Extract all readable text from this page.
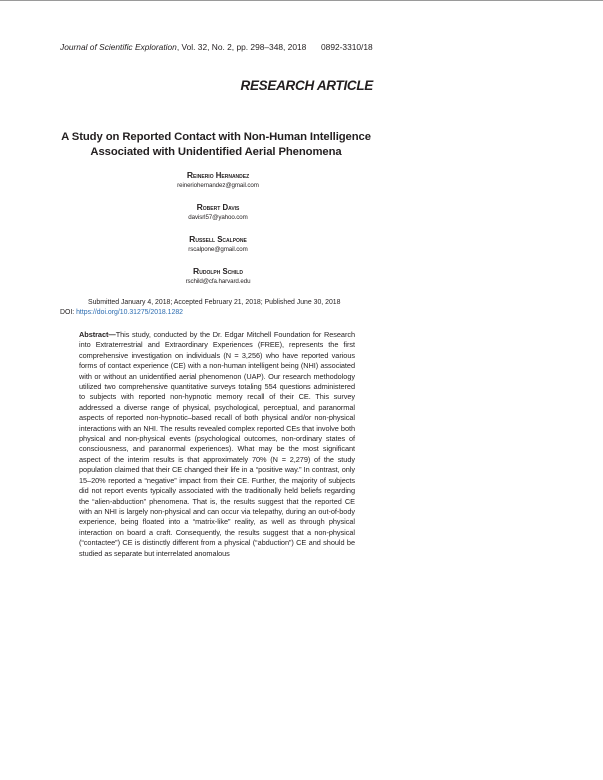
Journal of Scientific Exploration, Vol. 32, No. 2, pp. 298–348, 2018 0892-3310/18
RESEARCH ARTICLE
A Study on Reported Contact with Non-Human Intelligence Associated with Unidentified Aerial Phenomena
Reinerio Hernandez
reineriohernandez@gmail.com
Robert Davis
davisrl57@yahoo.com
Russell Scalpone
rscalpone@gmail.com
Rudolph Schild
rschild@cfa.harvard.edu
Submitted January 4, 2018; Accepted February 21, 2018; Published June 30, 2018
DOI: https://doi.org/10.31275/2018.1282
Abstract—This study, conducted by the Dr. Edgar Mitchell Foundation for Research into Extraterrestrial and Extraordinary Experiences (FREE), represents the first comprehensive investigation on individuals (N = 3,256) who have reported various forms of contact experience (CE) with a non-human intelligent being (NHI) associated with or without an unidentified aerial phenomenon (UAP). Our research methodology utilized two comprehensive quantitative surveys totaling 554 questions administered to subjects with reported non-hypnotic memory recall of their CE. This survey addressed a diverse range of physical, psychological, perceptual, and paranormal aspects of reported non-hypnotic–based recall of both physical and/or non-physical interactions with an NHI. The results revealed complex reported CEs that involve both physical and non-physical events (psychological outcomes, non-ordinary states of consciousness, and paranormal experiences). What may be the most significant aspect of the interim results is that approximately 70% (N = 2,279) of the study population claimed that their CE changed their life in a “positive way.” In contrast, only 15–20% reported a “negative” impact from their CE. Further, the majority of subjects did not report events typically associated with the traditionally held beliefs regarding the “alien-abduction” phenomena. That is, the results suggest that the reported CE with an NHI is largely non-physical and can occur via telepathy, during an out-of-body experience, being floated into a “matrix-like” reality, as well as through physical interaction on board a craft. Consequently, the results suggest that a non-physical (“contactee”) CE is distinctly different from a physical (“abduction”) CE and should be studied as separate but interrelated anomalous
